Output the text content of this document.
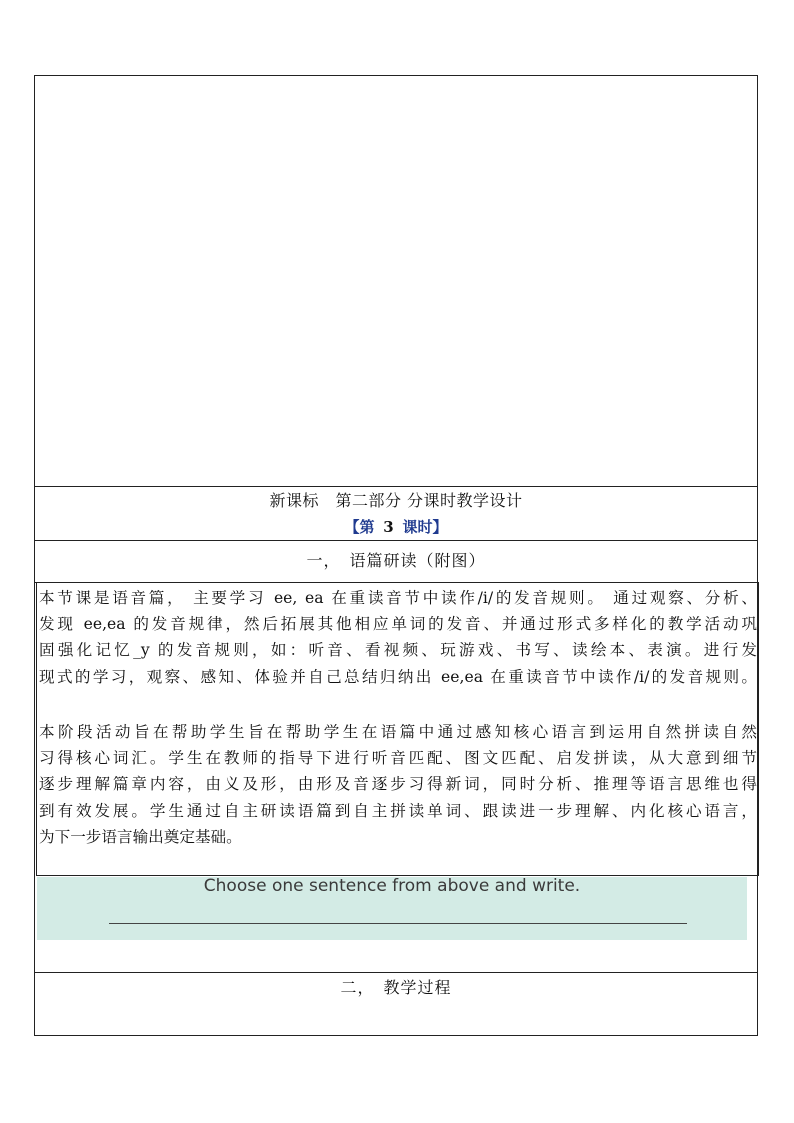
新课标　第二部分 分课时教学设计
【第 3 课时】
一，　语篇研读（附图）
本节课是语音篇， 主要学习 ee, ea 在重读音节中读作/i/的发音规则。 通过观察、分析、
发现 ee,ea 的发音规律，然后拓展其他相应单词的发音、并通过形式多样化的教学活动巩
固强化记忆_y 的发音规则，如：听音、看视频、玩游戏、书写、读绘本、表演。进行发
现式的学习，观察、感知、体验并自己总结归纳出 ee,ea 在重读音节中读作/i/的发音规则。
本阶段活动旨在帮助学生旨在帮助学生在语篇中通过感知核心语言到运用自然拼读自然
习得核心词汇。学生在教师的指导下进行听音匹配、图文匹配、启发拼读，从大意到细节
逐步理解篇章内容，由义及形，由形及音逐步习得新词，同时分析、推理等语言思维也得
到有效发展。学生通过自主研读语篇到自主拼读单词、跟读进一步理解、内化核心语言，
为下一步语言输出奠定基础。
Choose one sentence from above and write.
二，　教学过程
